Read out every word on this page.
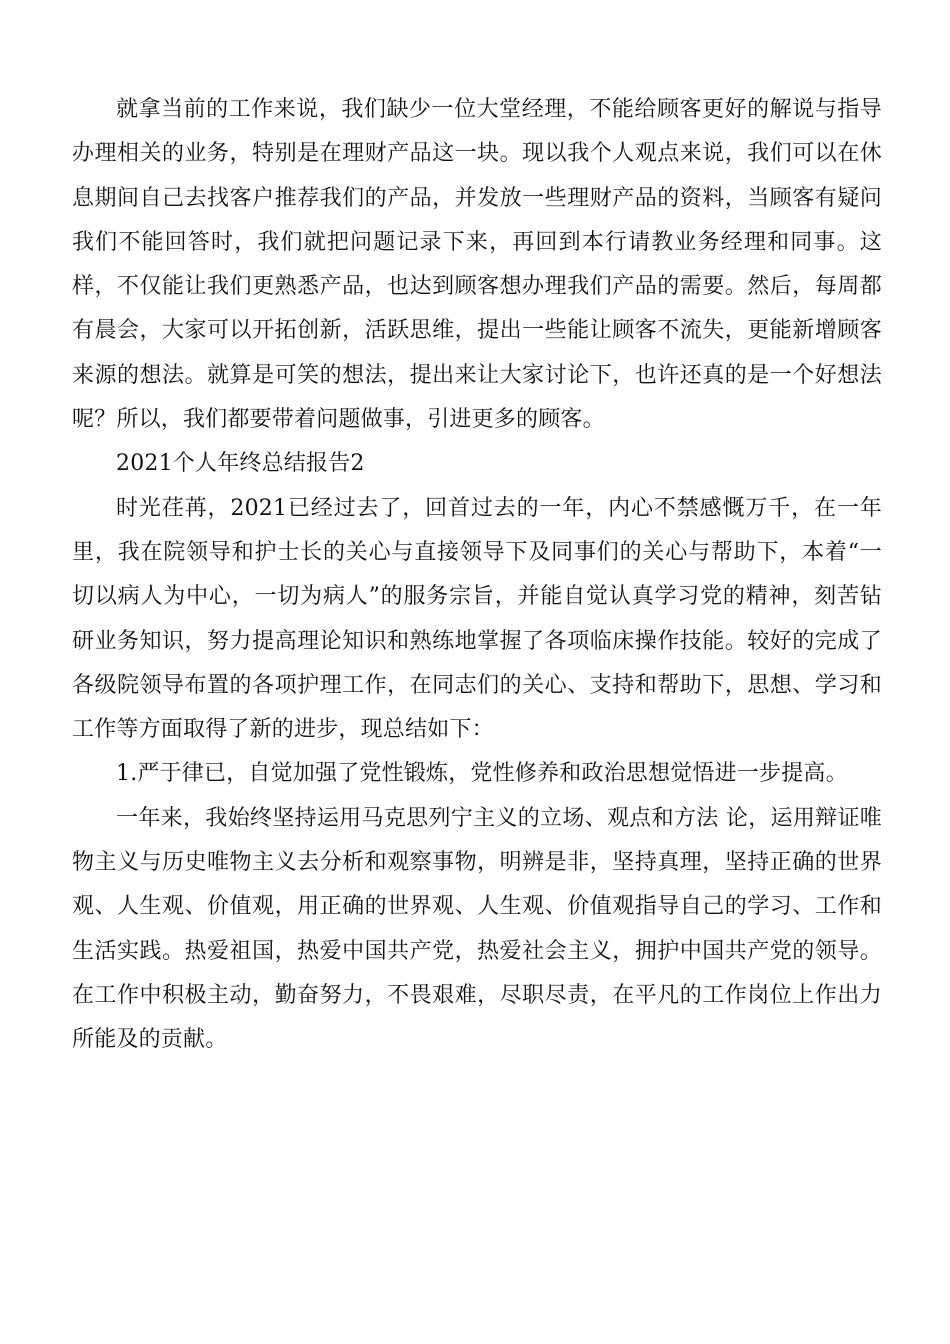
就拿当前的工作来说，我们缺少一位大堂经理，不能给顾客更好的解说与指导办理相关的业务，特别是在理财产品这一块。现以我个人观点来说，我们可以在休息期间自己去找客户推荐我们的产品，并发放一些理财产品的资料，当顾客有疑问我们不能回答时，我们就把问题记录下来，再回到本行请教业务经理和同事。这样，不仅能让我们更熟悉产品，也达到顾客想办理我们产品的需要。然后，每周都有晨会，大家可以开拓创新，活跃思维，提出一些能让顾客不流失，更能新增顾客来源的想法。就算是可笑的想法，提出来让大家讨论下，也许还真的是一个好想法呢？所以，我们都要带着问题做事，引进更多的顾客。

2021个人年终总结报告2

时光荏苒，2021已经过去了，回首过去的一年，内心不禁感慨万千，在一年里，我在院领导和护士长的关心与直接领导下及同事们的关心与帮助下，本着“一切以病人为中心，一切为病人”的服务宗旨，并能自觉认真学习党的精神，刻苦钻研业务知识，努力提高理论知识和熟练地掌握了各项临床操作技能。较好的完成了各级院领导布置的各项护理工作，在同志们的关心、支持和帮助下，思想、学习和工作等方面取得了新的进步，现总结如下：

1.严于律已，自觉加强了党性锻炼，党性修养和政治思想觉悟进一步提高。

一年来，我始终坚持运用马克思列宁主义的立场、观点和方法 论，运用辩证唯物主义与历史唯物主义去分析和观察事物，明辨是非，坚持真理，坚持正确的世界观、人生观、价值观，用正确的世界观、人生观、价值观指导自己的学习、工作和生活实践。热爱祖国，热爱中国共产党，热爱社会主义，拥护中国共产党的领导。在工作中积极主动，勤奋努力，不畏艰难，尽职尽责，在平凡的工作岗位上作出力所能及的贡献。
